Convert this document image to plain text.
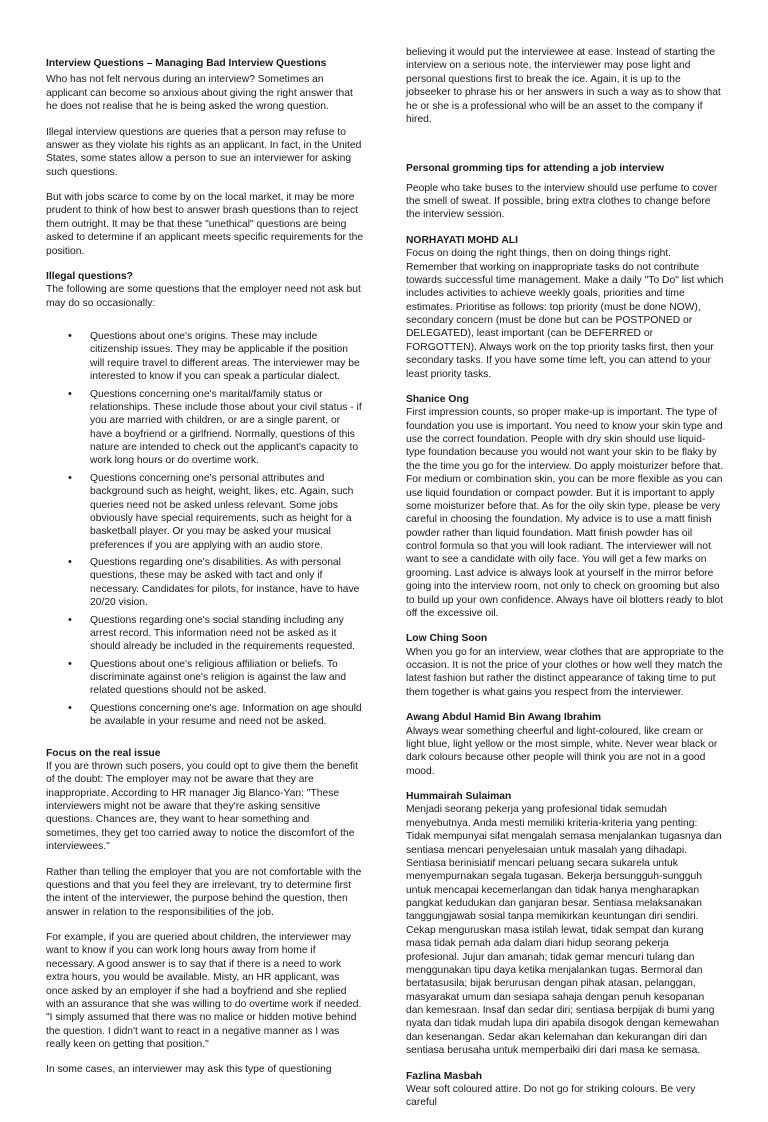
Interview Questions – Managing Bad Interview Questions

Who has not felt nervous during an interview? Sometimes an applicant can become so anxious about giving the right answer that he does not realise that he is being asked the wrong question.

Illegal interview questions are queries that a person may refuse to answer as they violate his rights as an applicant. In fact, in the United States, some states allow a person to sue an interviewer for asking such questions.

But with jobs scarce to come by on the local market, it may be more prudent to think of how best to answer brash questions than to reject them outright. It may be that these "unethical" questions are being asked to determine if an applicant meets specific requirements for the position.

Illegal questions?

The following are some questions that the employer need not ask but may do so occasionally:

• Questions about one's origins. These may include citizenship issues. They may be applicable if the position will require travel to different areas. The interviewer may be interested to know if you can speak a particular dialect.
• Questions concerning one's marital/family status or relationships. These include those about your civil status - if you are married with children, or are a single parent, or have a boyfriend or a girlfriend. Normally, questions of this nature are intended to check out the applicant's capacity to work long hours or do overtime work.
• Questions concerning one's personal attributes and background such as height, weight, likes, etc. Again, such queries need not be asked unless relevant. Some jobs obviously have special requirements, such as height for a basketball player. Or you may be asked your musical preferences if you are applying with an audio store.
• Questions regarding one's disabilities. As with personal questions, these may be asked with tact and only if necessary. Candidates for pilots, for instance, have to have 20/20 vision.
• Questions regarding one's social standing including any arrest record. This information need not be asked as it should already be included in the requirements requested.
• Questions about one's religious affiliation or beliefs. To discriminate against one's religion is against the law and related questions should not be asked.
• Questions concerning one's age. Information on age should be available in your resume and need not be asked.
Focus on the real issue

If you are thrown such posers, you could opt to give them the benefit of the doubt: The employer may not be aware that they are inappropriate. According to HR manager Jig Blanco-Yan: "These interviewers might not be aware that they're asking sensitive questions. Chances are, they want to hear something and sometimes, they get too carried away to notice the discomfort of the interviewees."

Rather than telling the employer that you are not comfortable with the questions and that you feel they are irrelevant, try to determine first the intent of the interviewer, the purpose behind the question, then answer in relation to the responsibilities of the job.

For example, if you are queried about children, the interviewer may want to know if you can work long hours away from home if necessary. A good answer is to say that if there is a need to work extra hours, you would be available. Misty, an HR applicant, was once asked by an employer if she had a boyfriend and she replied with an assurance that she was willing to do overtime work if needed. "I simply assumed that there was no malice or hidden motive behind the question. I didn't want to react in a negative manner as I was really keen on getting that position."

In some cases, an interviewer may ask this type of questioning

believing it would put the interviewee at ease. Instead of starting the interview on a serious note, the interviewer may pose light and personal questions first to break the ice. Again, it is up to the jobseeker to phrase his or her answers in such a way as to show that he or she is a professional who will be an asset to the company if hired.

Personal gromming tips for attending a job interview

People who take buses to the interview should use perfume to cover the smell of sweat. If possible, bring extra clothes to change before the interview session.

NORHAYATI MOHD ALI

Focus on doing the right things, then on doing things right. Remember that working on inappropriate tasks do not contribute towards successful time management. Make a daily "To Do" list which includes activities to achieve weekly goals, priorities and time estimates. Prioritise as follows: top priority (must be done NOW), secondary concern (must be done but can be POSTPONED or DELEGATED), least important (can be DEFERRED or FORGOTTEN). Always work on the top priority tasks first, then your secondary tasks. If you have some time left, you can attend to your least priority tasks.

Shanice Ong

First impression counts, so proper make-up is important. The type of foundation you use is important. You need to know your skin type and use the correct foundation. People with dry skin should use liquid-type foundation because you would not want your skin to be flaky by the the time you go for the interview. Do apply moisturizer before that. For medium or combination skin, you can be more flexible as you can use liquid foundation or compact powder. But it is important to apply some moisturizer before that. As for the oily skin type, please be very careful in choosing the foundation. My advice is to use a matt finish powder rather than liquid foundation. Matt finish powder has oil control formula so that you will look radiant. The interviewer will not want to see a candidate with oily face. You will get a few marks on grooming. Last advice is always look at yourself in the mirror before going into the interview room, not only to check on grooming but also to build up your own confidence. Always have oil blotters ready to blot off the excessive oil.

Low Ching Soon

When you go for an interview, wear clothes that are appropriate to the occasion. It is not the price of your clothes or how well they match the latest fashion but rather the distinct appearance of taking time to put them together is what gains you respect from the interviewer.

Awang Abdul Hamid Bin Awang Ibrahim

Always wear something cheerful and light-coloured, like cream or light blue, light yellow or the most simple, white. Never wear black or dark colours because other people will think you are not in a good mood.

Hummairah Sulaiman

Menjadi seorang pekerja yang profesional tidak semudah menyebutnya. Anda mesti memiliki kriteria-kriteria yang penting: Tidak mempunyai sifat mengalah semasa menjalankan tugasnya dan sentiasa mencari penyelesaian untuk masalah yang dihadapi. Sentiasa berinisiatif mencari peluang secara sukarela untuk menyempurnakan segala tugasan. Bekerja bersungguh-sungguh untuk mencapai kecemerlangan dan tidak hanya mengharapkan pangkat kedudukan dan ganjaran besar. Sentiasa melaksanakan tanggungjawab sosial tanpa memikirkan keuntungan diri sendiri. Cekap menguruskan masa istilah lewat, tidak sempat dan kurang masa tidak pernah ada dalam diari hidup seorang pekerja profesional. Jujur dan amanah; tidak gemar mencuri tulang dan menggunakan tipu daya ketika menjalankan tugas. Bermoral dan bertatasusila; bijak berurusan dengan pihak atasan, pelanggan, masyarakat umum dan sesiapa sahaja dengan penuh kesopanan dan kemesraan. Insaf dan sedar diri; sentiasa berpijak di bumi yang nyata dan tidak mudah lupa diri apabila disogok dengan kemewahan dan kesenangan. Sedar akan kelemahan dan kekurangan diri dan sentiasa berusaha untuk memperbaiki diri dari masa ke semasa.

Fazlina Masbah

Wear soft coloured attire. Do not go for striking colours. Be very careful
